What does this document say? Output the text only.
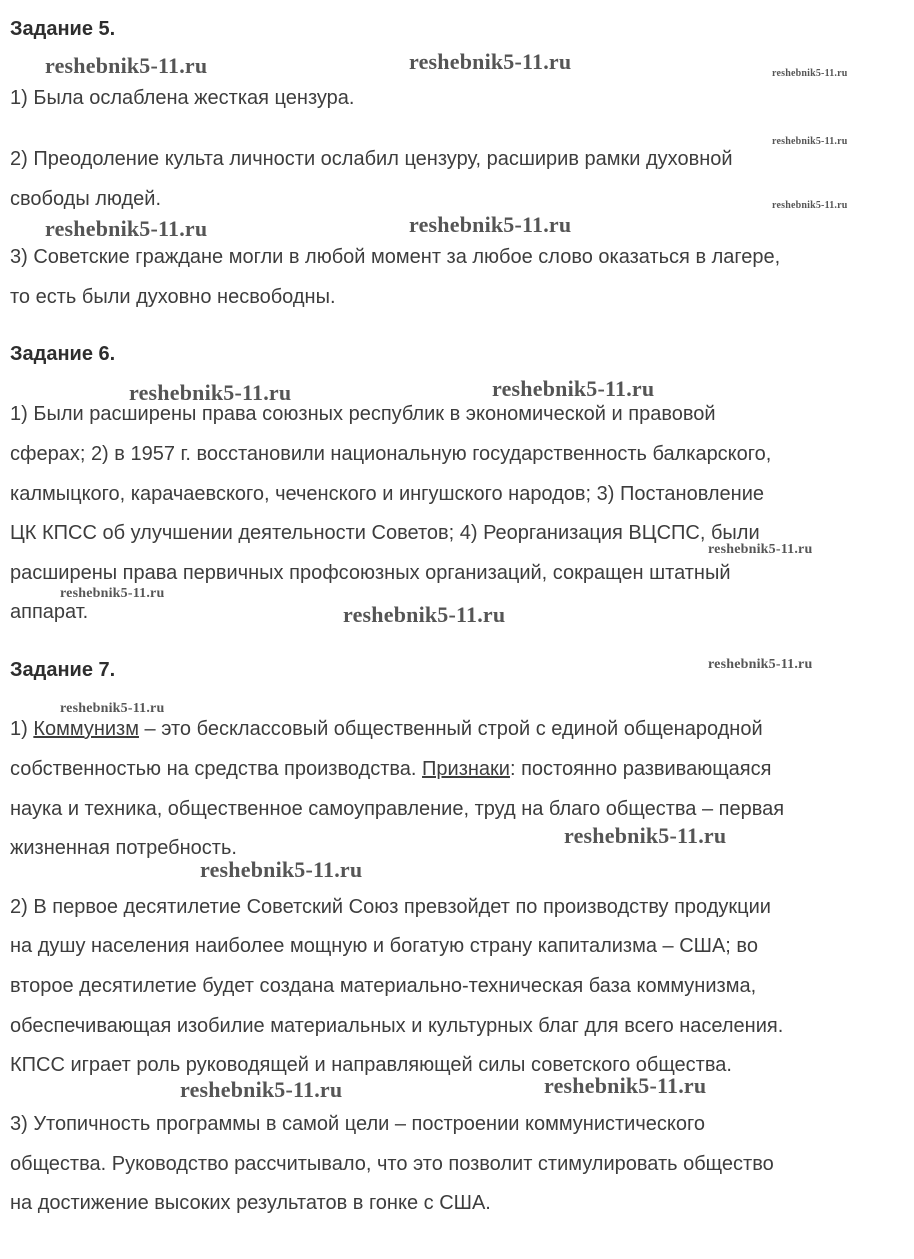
Задание 5.

1) Была ослаблена жесткая цензура.

2) Преодоление культа личности ослабил цензуру, расширив рамки духовной

свободы людей.

3) Советские граждане могли в любой момент за любое слово оказаться в лагере,

то есть были духовно несвободны.

Задание 6.

1) Были расширены права союзных республик в экономической и правовой

сферах; 2) в 1957 г. восстановили национальную государственность балкарского,

калмыцкого, карачаевского, чеченского и ингушского народов; 3) Постановление

ЦК КПСС об улучшении деятельности Советов; 4) Реорганизация ВЦСПС, были

расширены права первичных профсоюзных организаций, сокращен штатный

аппарат.

Задание 7.

1) Коммунизм – это бесклассовый общественный строй с единой общенародной

собственностью на средства производства. Признаки: постоянно развивающаяся

наука и техника, общественное самоуправление, труд на благо общества – первая

жизненная потребность.

2) В первое десятилетие Советский Союз превзойдет по производству продукции

на душу населения наиболее мощную и богатую страну капитализма – США; во

второе десятилетие будет создана материально-техническая база коммунизма,

обеспечивающая изобилие материальных и культурных благ для всего населения.

КПСС играет роль руководящей и направляющей силы советского общества.

3) Утопичность программы в самой цели – построении коммунистического

общества. Руководство рассчитывало, что это позволит стимулировать общество

на достижение высоких результатов в гонке с США.

reshebnik5-11.ru	reshebnik5-11.ru	reshebnik5-11.ru
reshebnik5-11.ru
reshebnik5-11.ru
reshebnik5-11.ru	reshebnik5-11.ru
reshebnik5-11.ru	reshebnik5-11.ru
reshebnik5-11.ru
reshebnik5-11.ru
reshebnik5-11.ru
reshebnik5-11.ru
reshebnik5-11.ru
reshebnik5-11.ru
reshebnik5-11.ru
reshebnik5-11.ru
reshebnik5-11.ru
